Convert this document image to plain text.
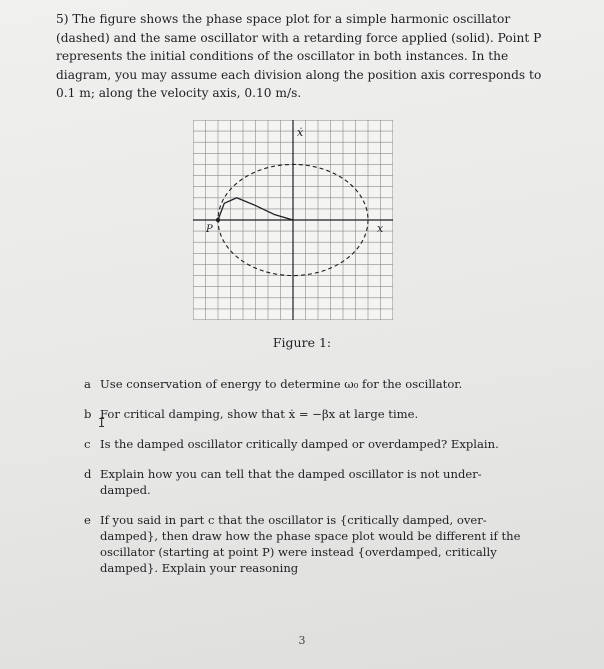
5) The figure shows the phase space plot for a simple harmonic oscillator (dashed) and the same oscillator with a retarding force applied (solid). Point P represents the initial conditions of the oscillator in both instances. In the diagram, you may assume each division along the position axis corresponds to 0.1 m; along the velocity axis, 0.10 m/s.
ẋ
x
P
Figure 1:
a Use conservation of energy to determine ω₀ for the oscillator.
b For critical damping, show that ẋ = −βx at large time.
c Is the damped oscillator critically damped or overdamped? Explain.
d Explain how you can tell that the damped oscillator is not under-damped.
e If you said in part c that the oscillator is {critically damped, over-damped}, then draw how the phase space plot would be different if the oscillator (starting at point P) were instead {overdamped, critically damped}. Explain your reasoning
I
3
